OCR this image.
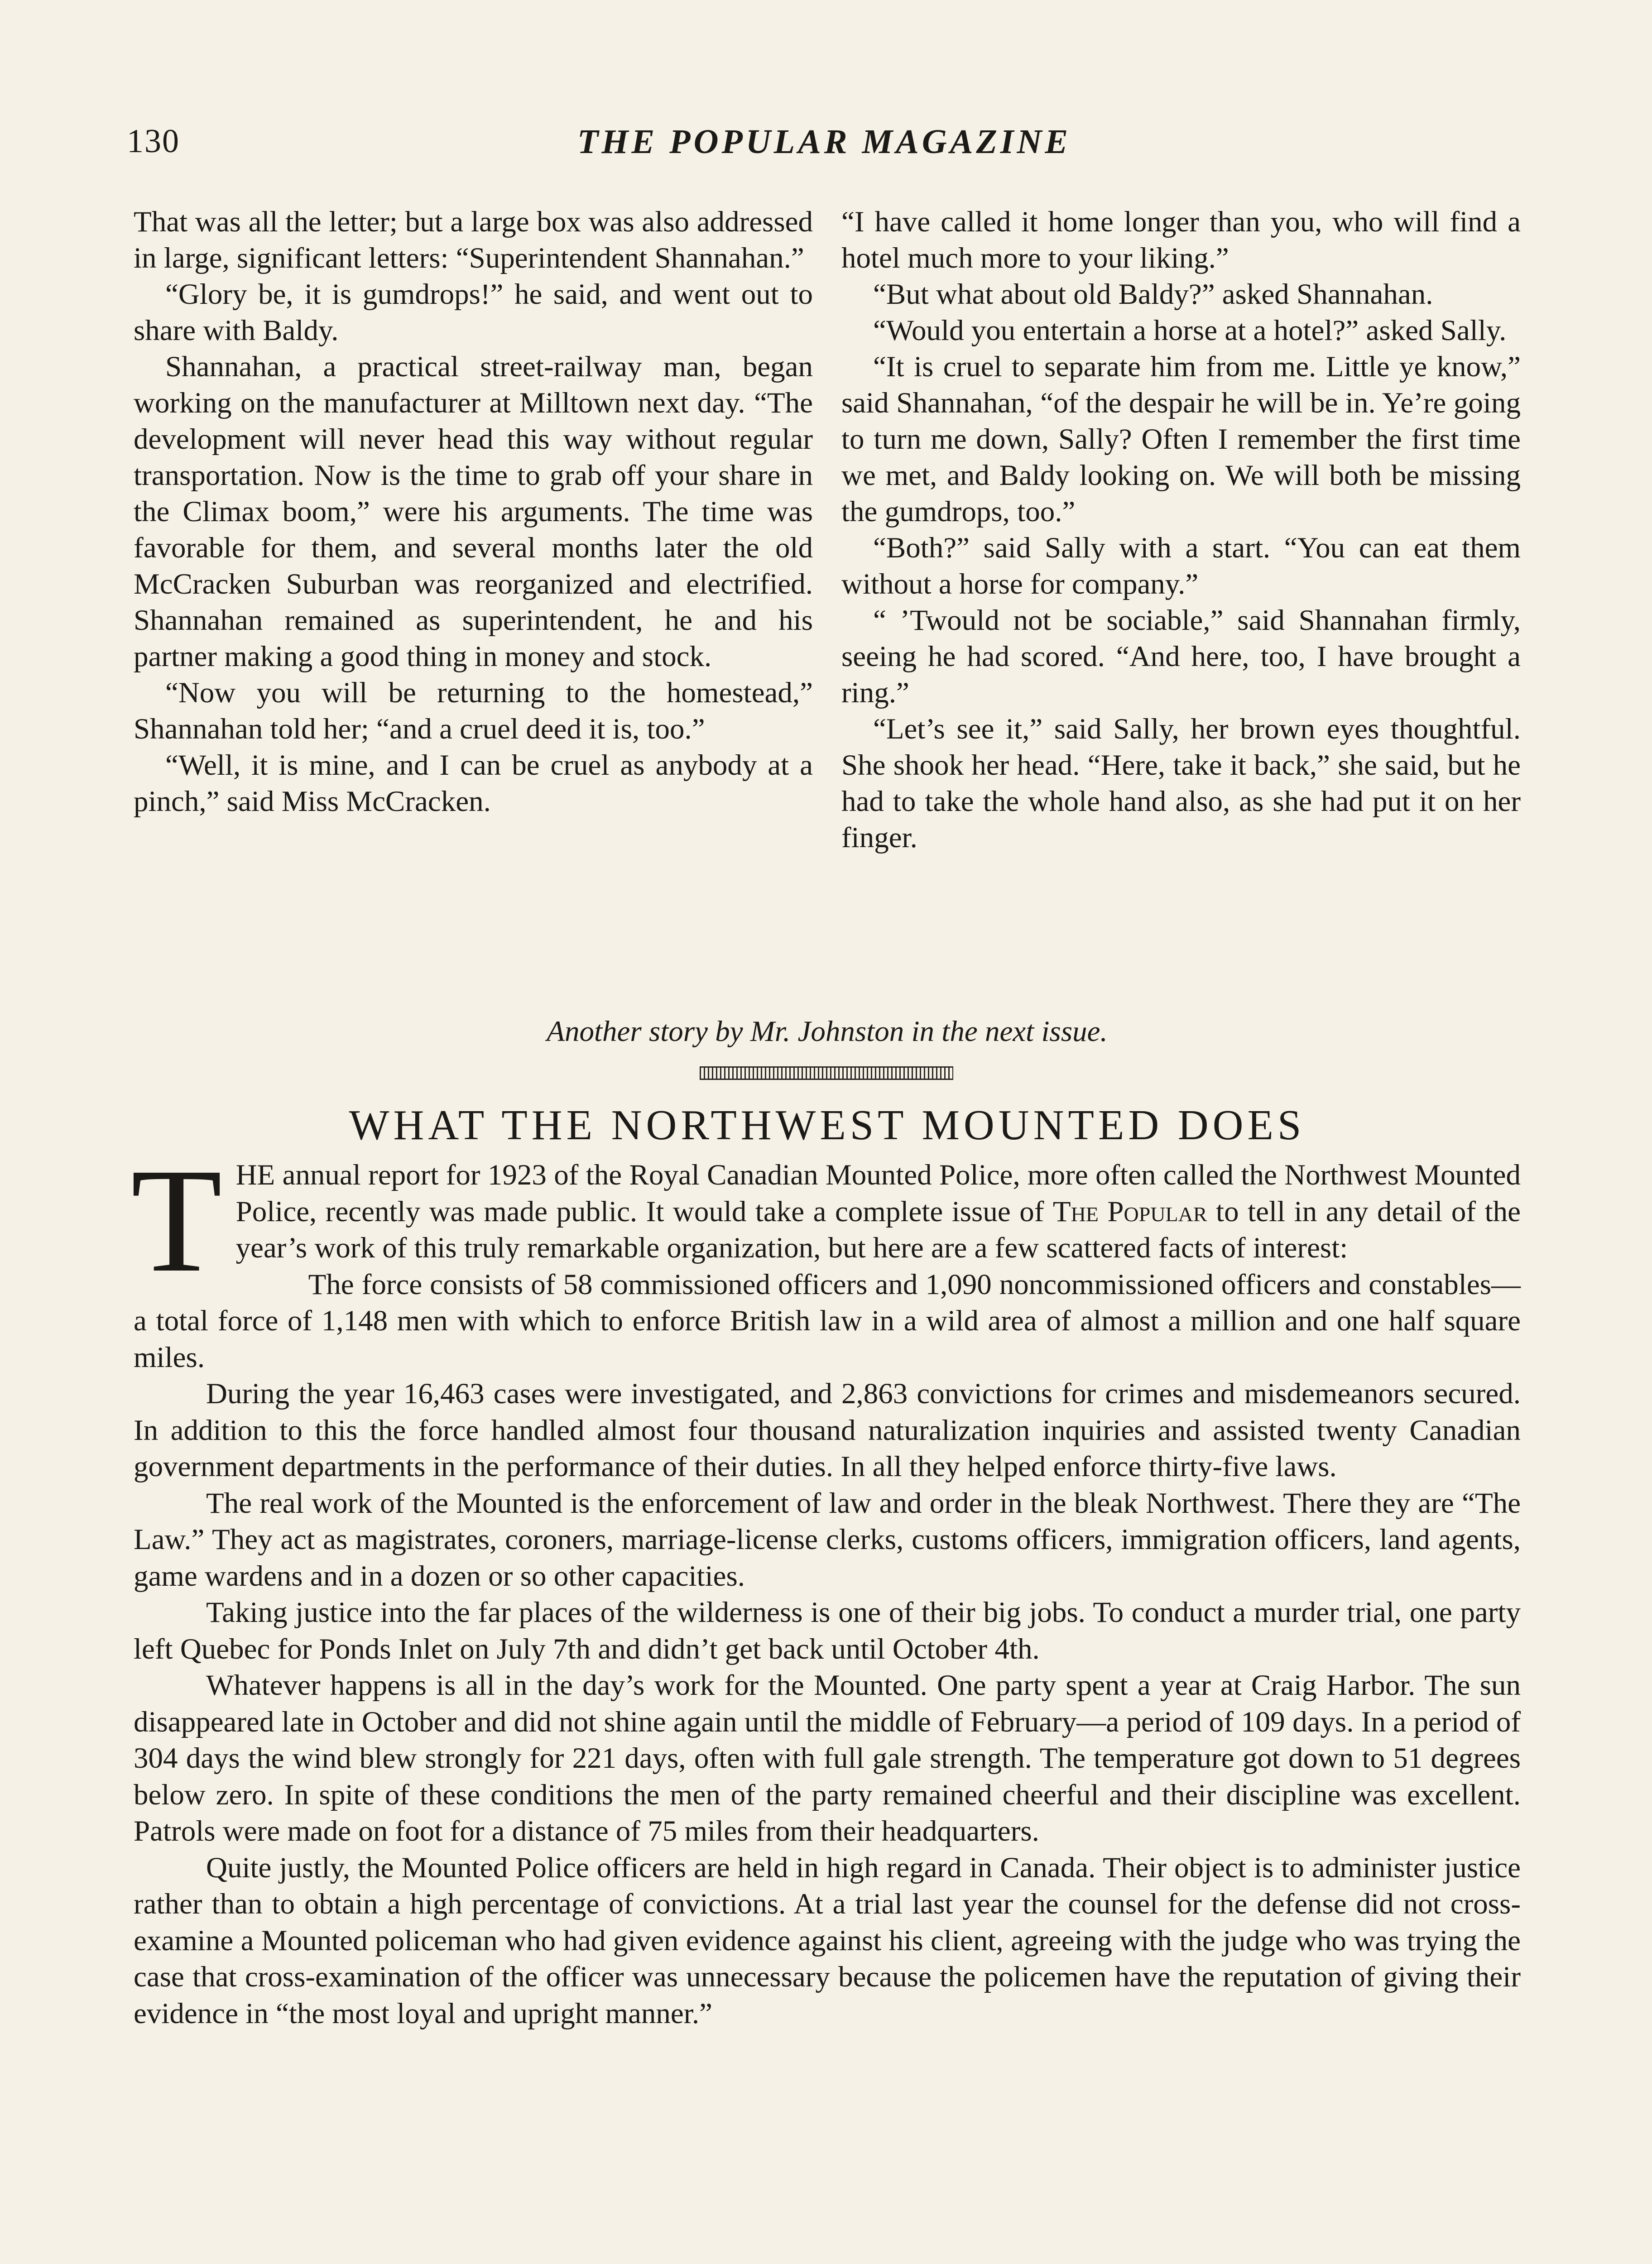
130	THE POPULAR MAGAZINE

That was all the letter; but a large box was also addressed in large, significant letters: “Superintendent Shannahan.”

“Glory be, it is gumdrops!” he said, and went out to share with Baldy.

Shannahan, a practical street-railway man, began working on the manufacturer at Milltown next day. “The development will never head this way without regular transportation. Now is the time to grab off your share in the Climax boom,” were his arguments. The time was favorable for them, and several months later the old McCracken Suburban was reorganized and electrified. Shannahan remained as superintendent, he and his partner making a good thing in money and stock.

“Now you will be returning to the homestead,” Shannahan told her; “and a cruel deed it is, too.”

“Well, it is mine, and I can be cruel as anybody at a pinch,” said Miss McCracken.

“I have called it home longer than you, who will find a hotel much more to your liking.”

“But what about old Baldy?” asked Shannahan.

“Would you entertain a horse at a hotel?” asked Sally.

“It is cruel to separate him from me. Little ye know,” said Shannahan, “of the despair he will be in. Ye’re going to turn me down, Sally? Often I remember the first time we met, and Baldy looking on. We will both be missing the gumdrops, too.”

“Both?” said Sally with a start. “You can eat them without a horse for company.”

“ ’Twould not be sociable,” said Shannahan firmly, seeing he had scored. “And here, too, I have brought a ring.”

“Let’s see it,” said Sally, her brown eyes thoughtful. She shook her head. “Here, take it back,” she said, but he had to take the whole hand also, as she had put it on her finger.

Another story by Mr. Johnston in the next issue.
WHAT THE NORTHWEST MOUNTED DOES

THE annual report for 1923 of the Royal Canadian Mounted Police, more often called the Northwest Mounted Police, recently was made public. It would take a complete issue of The Popular to tell in any detail of the year’s work of this truly remarkable organization, but here are a few scattered facts of interest:

The force consists of 58 commissioned officers and 1,090 noncommissioned officers and constables—a total force of 1,148 men with which to enforce British law in a wild area of almost a million and one half square miles.

During the year 16,463 cases were investigated, and 2,863 convictions for crimes and misdemeanors secured. In addition to this the force handled almost four thousand naturalization inquiries and assisted twenty Canadian government departments in the performance of their duties. In all they helped enforce thirty-five laws.

The real work of the Mounted is the enforcement of law and order in the bleak Northwest. There they are “The Law.” They act as magistrates, coroners, marriage-license clerks, customs officers, immigration officers, land agents, game wardens and in a dozen or so other capacities.

Taking justice into the far places of the wilderness is one of their big jobs. To conduct a murder trial, one party left Quebec for Ponds Inlet on July 7th and didn’t get back until October 4th.

Whatever happens is all in the day’s work for the Mounted. One party spent a year at Craig Harbor. The sun disappeared late in October and did not shine again until the middle of February—a period of 109 days. In a period of 304 days the wind blew strongly for 221 days, often with full gale strength. The temperature got down to 51 degrees below zero. In spite of these conditions the men of the party remained cheerful and their discipline was excellent. Patrols were made on foot for a distance of 75 miles from their headquarters.

Quite justly, the Mounted Police officers are held in high regard in Canada. Their object is to administer justice rather than to obtain a high percentage of convictions. At a trial last year the counsel for the defense did not cross-examine a Mounted policeman who had given evidence against his client, agreeing with the judge who was trying the case that cross-examination of the officer was unnecessary because the policemen have the reputation of giving their evidence in “the most loyal and upright manner.”
